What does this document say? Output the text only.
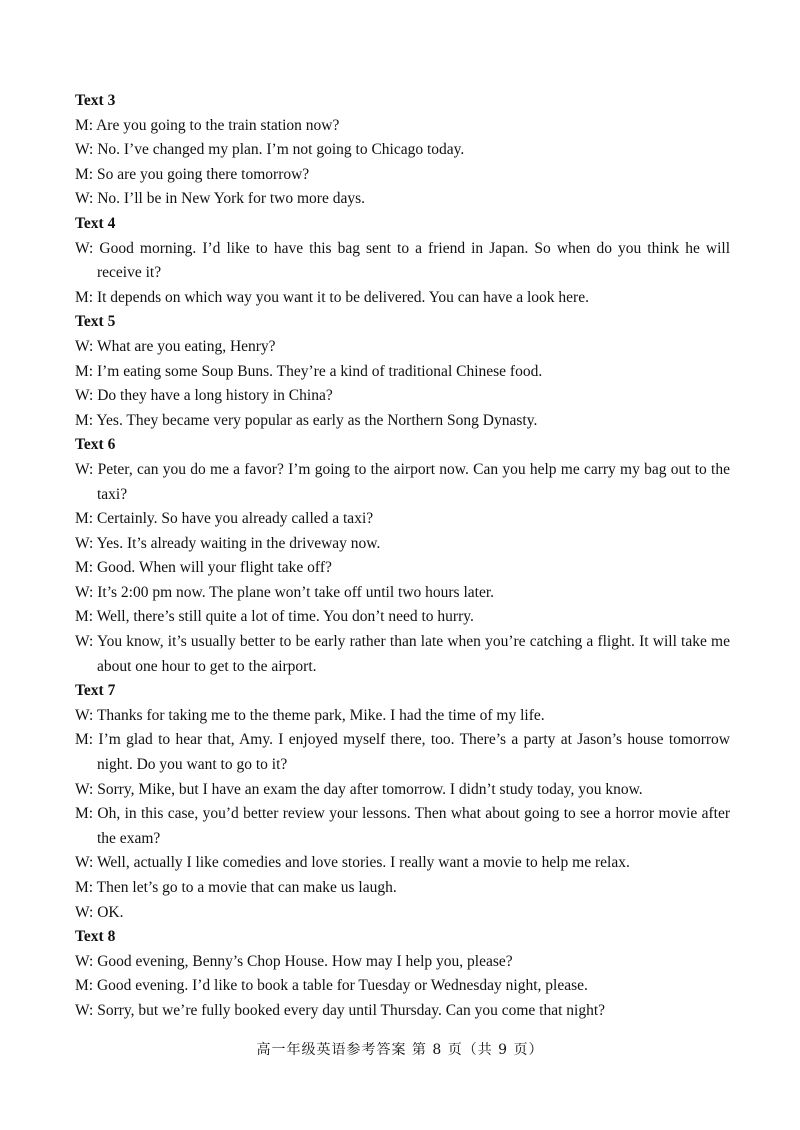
Text 3
M: Are you going to the train station now?
W: No. I’ve changed my plan. I’m not going to Chicago today.
M: So are you going there tomorrow?
W: No. I’ll be in New York for two more days.
Text 4
W: Good morning. I’d like to have this bag sent to a friend in Japan. So when do you think he will receive it?
M: It depends on which way you want it to be delivered. You can have a look here.
Text 5
W: What are you eating, Henry?
M: I’m eating some Soup Buns. They’re a kind of traditional Chinese food.
W: Do they have a long history in China?
M: Yes. They became very popular as early as the Northern Song Dynasty.
Text 6
W: Peter, can you do me a favor? I’m going to the airport now. Can you help me carry my bag out to the taxi?
M: Certainly. So have you already called a taxi?
W: Yes. It’s already waiting in the driveway now.
M: Good. When will your flight take off?
W: It’s 2:00 pm now. The plane won’t take off until two hours later.
M: Well, there’s still quite a lot of time. You don’t need to hurry.
W: You know, it’s usually better to be early rather than late when you’re catching a flight. It will take me about one hour to get to the airport.
Text 7
W: Thanks for taking me to the theme park, Mike. I had the time of my life.
M: I’m glad to hear that, Amy. I enjoyed myself there, too. There’s a party at Jason’s house tomorrow night. Do you want to go to it?
W: Sorry, Mike, but I have an exam the day after tomorrow. I didn’t study today, you know.
M: Oh, in this case, you’d better review your lessons. Then what about going to see a horror movie after the exam?
W: Well, actually I like comedies and love stories. I really want a movie to help me relax.
M: Then let’s go to a movie that can make us laugh.
W: OK.
Text 8
W: Good evening, Benny’s Chop House. How may I help you, please?
M: Good evening. I’d like to book a table for Tuesday or Wednesday night, please.
W: Sorry, but we’re fully booked every day until Thursday. Can you come that night?
高一年级英语参考答案 第 8 页（共 9 页）
